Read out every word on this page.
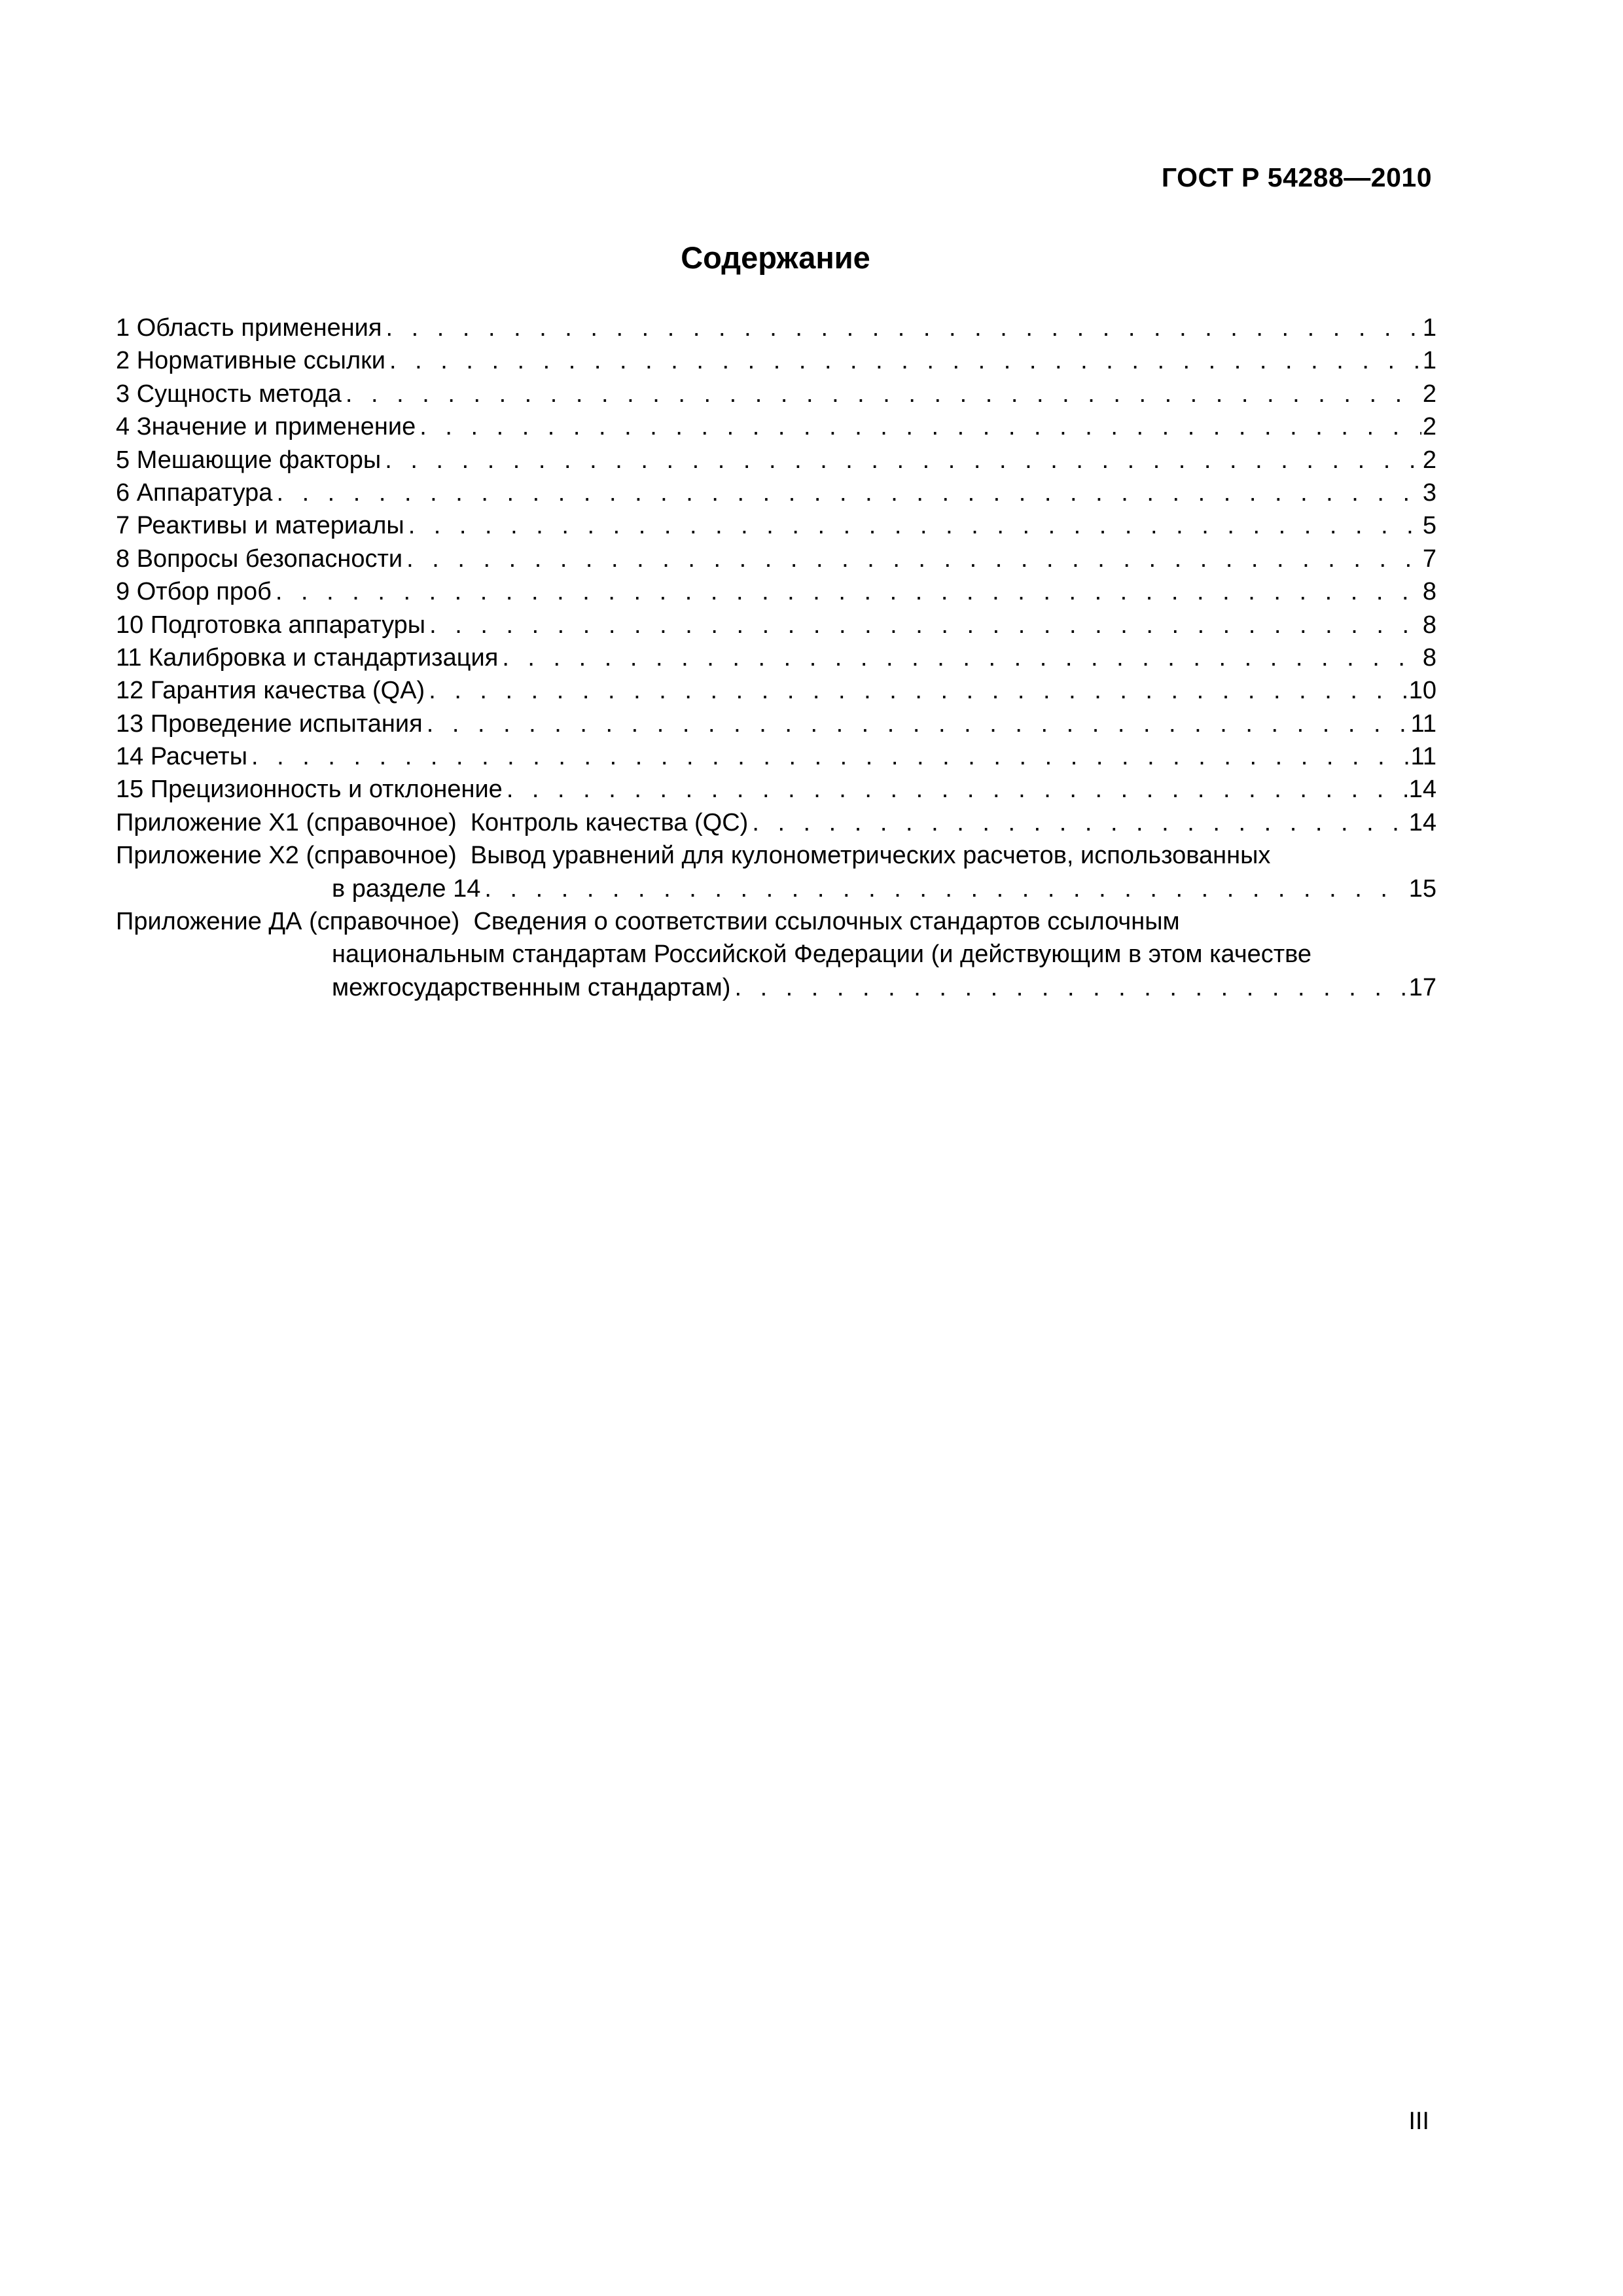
ГОСТ Р 54288—2010
Содержание
1 Область применения . . .	1
2 Нормативные ссылки . . .	1
3 Сущность метода . . .	2
4 Значение и применение . . .	2
5 Мешающие факторы . . .	2
6 Аппаратура . . .	3
7 Реактивы и материалы . . .	5
8 Вопросы безопасности . . .	7
9 Отбор проб . . .	8
10 Подготовка аппаратуры . . .	8
11 Калибровка и стандартизация . . .	8
12 Гарантия качества (QA) . . .	10
13 Проведение испытания . . .	11
14 Расчеты . . .	11
15 Прецизионность и отклонение . . .	14
Приложение Х1 (справочное)  Контроль качества (QC) . . .	14
Приложение Х2 (справочное)  Вывод уравнений для кулонометрических расчетов, использованных
в разделе 14 . . .	15
Приложение ДА (справочное)  Сведения о соответствии ссылочных стандартов ссылочным
национальным стандартам Российской Федерации (и действующим в этом качестве
межгосударственным стандартам) . . .	17
III
